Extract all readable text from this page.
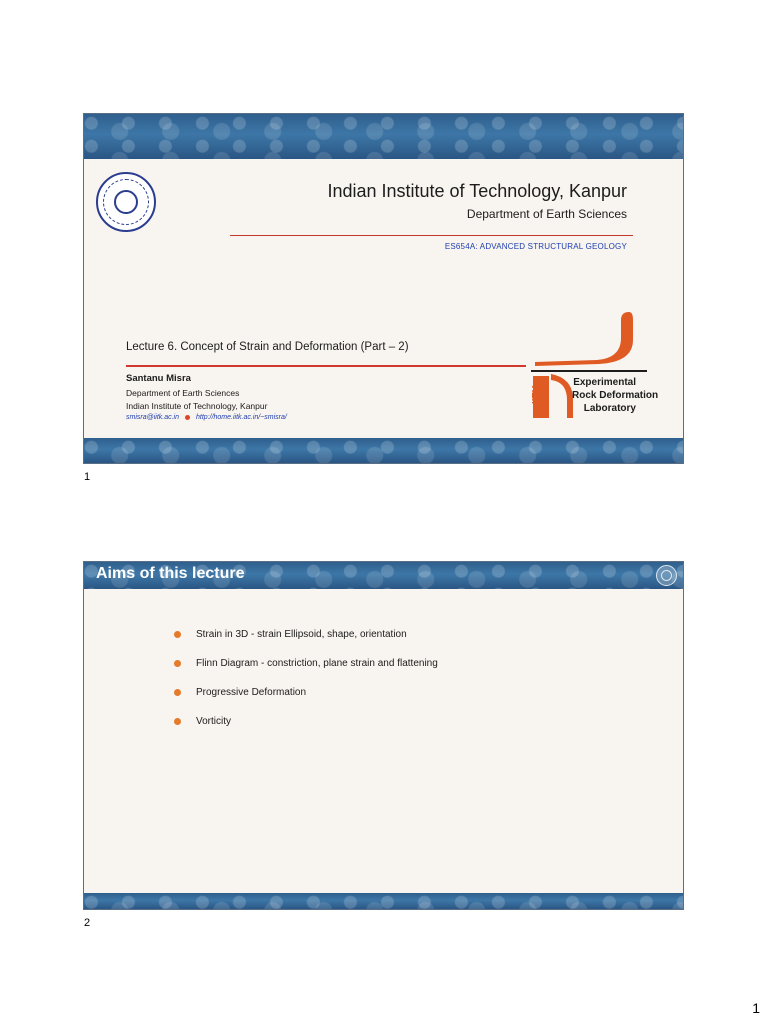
Indian Institute of Technology, Kanpur
Department of Earth Sciences
ES654A: ADVANCED STRUCTURAL GEOLOGY
Lecture 6. Concept of Strain and Deformation (Part – 2)
Santanu Misra
Department of Earth Sciences
Indian Institute of Technology, Kanpur
smisra@iitk.ac.in http://home.iitk.ac.in/~smisra/
IITK
Experimental
Rock Deformation
Laboratory
1
Aims of this lecture
Strain in 3D - strain Ellipsoid, shape, orientation
Flinn Diagram - constriction, plane strain and flattening
Progressive Deformation
Vorticity
2
1
